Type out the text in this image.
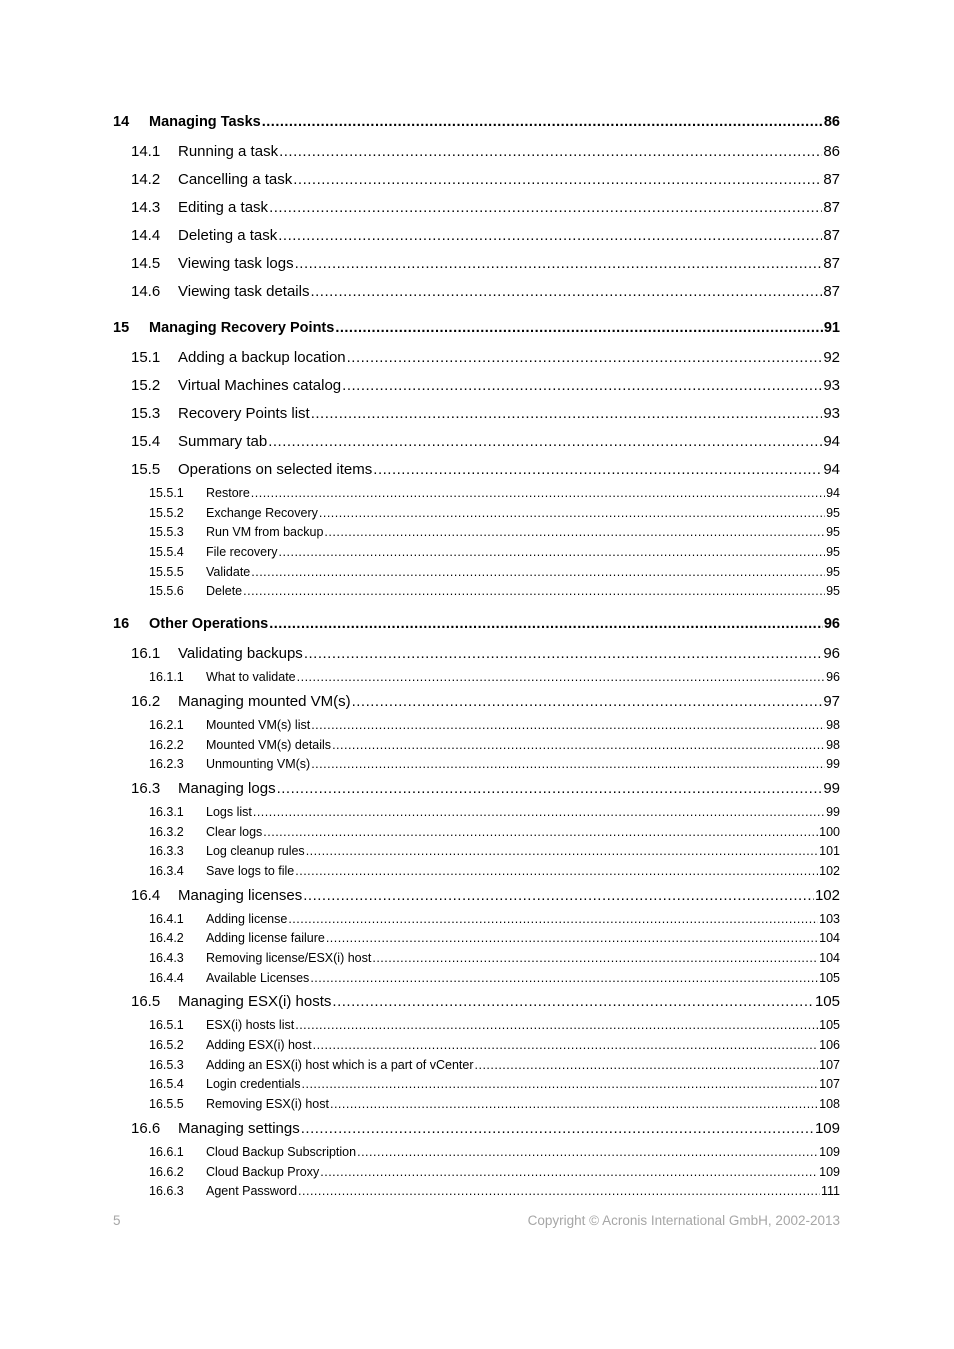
14	Managing Tasks .....	86
14.1	Running a task .....	86
14.2	Cancelling a task .....	87
14.3	Editing a task .....	87
14.4	Deleting a task .....	87
14.5	Viewing task logs .....	87
14.6	Viewing task details .....	87
15	Managing Recovery Points .....	91
15.1	Adding a backup location .....	92
15.2	Virtual Machines catalog .....	93
15.3	Recovery Points list .....	93
15.4	Summary tab .....	94
15.5	Operations on selected items .....	94
15.5.1	Restore .....	94
15.5.2	Exchange Recovery .....	95
15.5.3	Run VM from backup .....	95
15.5.4	File recovery .....	95
15.5.5	Validate .....	95
15.5.6	Delete .....	95
16	Other Operations .....	96
16.1	Validating backups .....	96
16.1.1	What to validate .....	96
16.2	Managing mounted VM(s) .....	97
16.2.1	Mounted VM(s) list .....	98
16.2.2	Mounted VM(s) details .....	98
16.2.3	Unmounting VM(s) .....	99
16.3	Managing logs .....	99
16.3.1	Logs list .....	99
16.3.2	Clear logs .....	100
16.3.3	Log cleanup rules .....	101
16.3.4	Save logs to file .....	102
16.4	Managing licenses .....	102
16.4.1	Adding license .....	103
16.4.2	Adding license failure .....	104
16.4.3	Removing license/ESX(i) host .....	104
16.4.4	Available Licenses .....	105
16.5	Managing ESX(i) hosts .....	105
16.5.1	ESX(i) hosts list .....	105
16.5.2	Adding ESX(i) host .....	106
16.5.3	Adding an ESX(i) host which is a part of vCenter .....	107
16.5.4	Login credentials .....	107
16.5.5	Removing ESX(i) host .....	108
16.6	Managing settings .....	109
16.6.1	Cloud Backup Subscription .....	109
16.6.2	Cloud Backup Proxy .....	109
16.6.3	Agent Password .....	111
5	Copyright © Acronis International GmbH, 2002-2013
